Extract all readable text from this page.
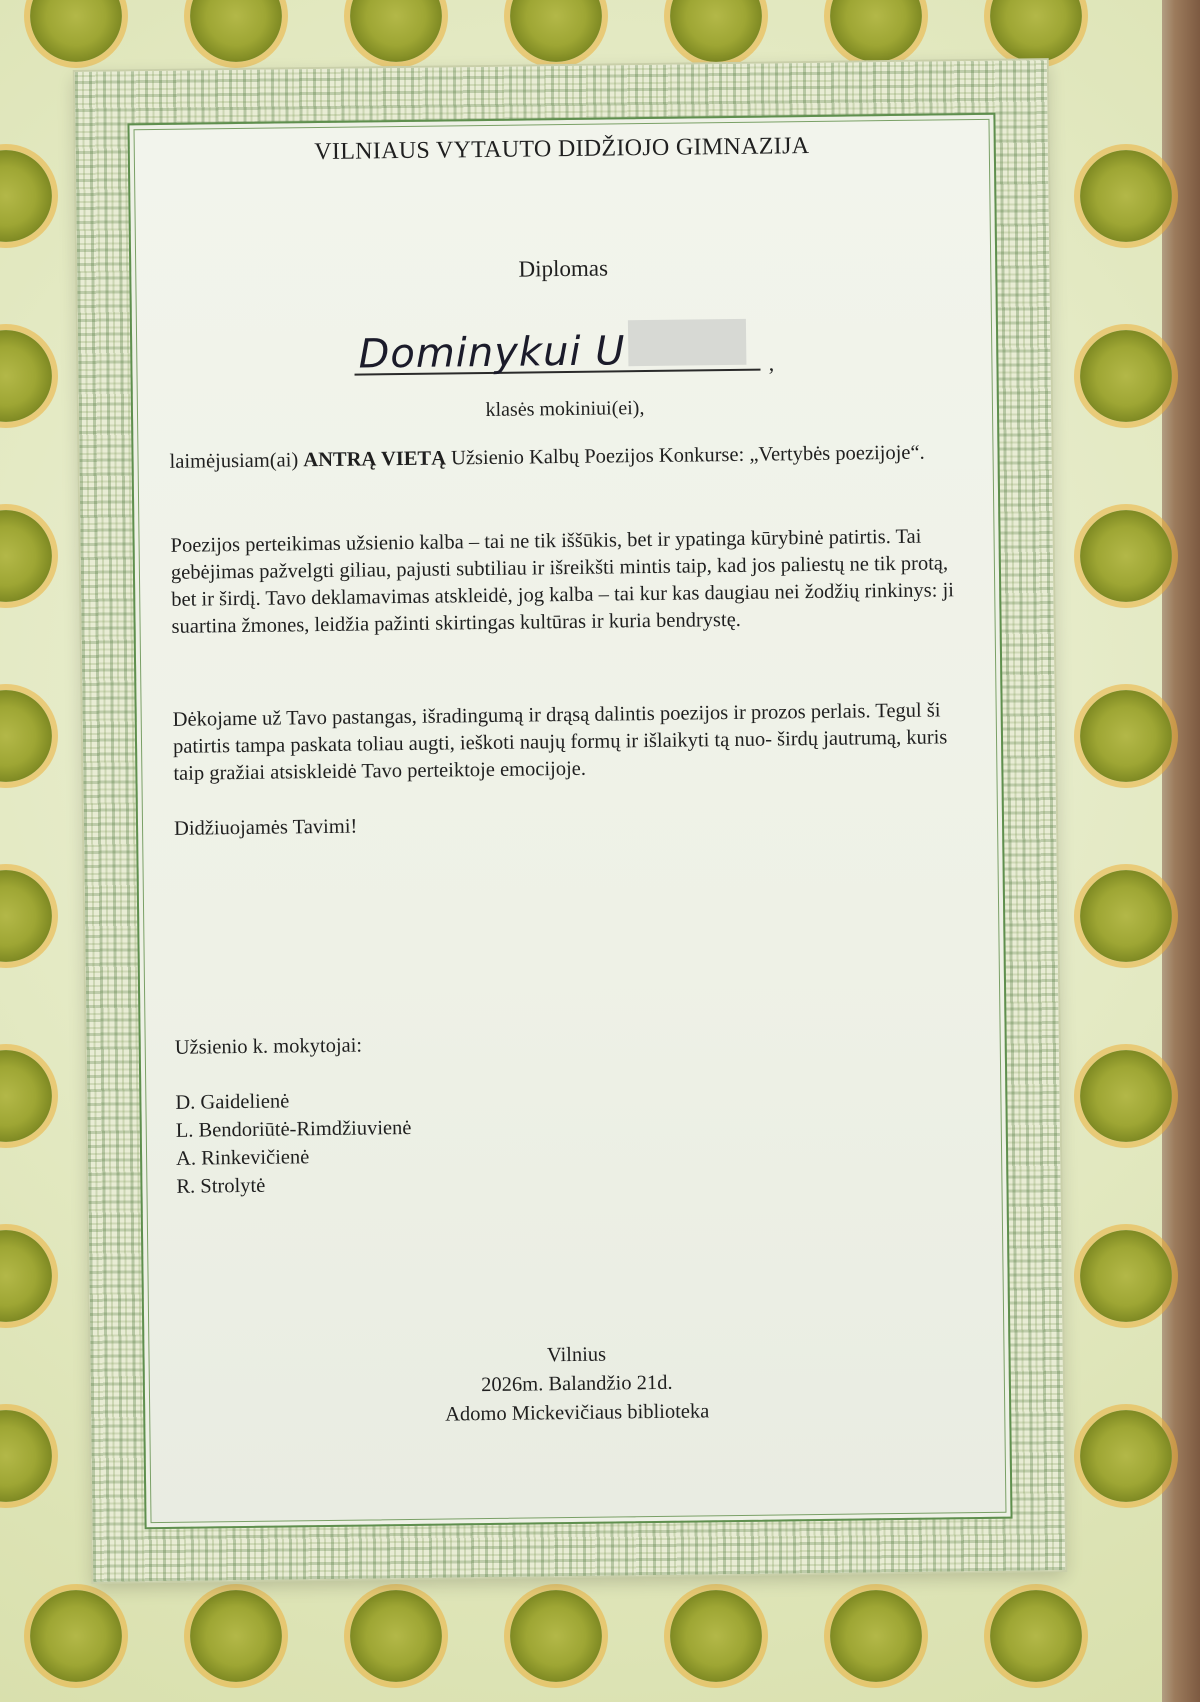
VILNIAUS VYTAUTO DIDŽIOJO GIMNAZIJA
Diplomas
Dominykui U	,
klasės mokiniui(ei),

laimėjusiam(ai) ANTRĄ VIETĄ Užsienio Kalbų Poezijos Konkurse: „Vertybės poezijoje“.

Poezijos perteikimas užsienio kalba – tai ne tik iššūkis, bet ir ypatinga kūrybinė patirtis. Tai gebėjimas pažvelgti giliau, pajusti subtiliau ir išreikšti mintis taip, kad jos paliestų ne tik protą, bet ir širdį. Tavo deklamavimas atskleidė, jog kalba – tai kur kas daugiau nei žodžių rinkinys: ji suartina žmones, leidžia pažinti skirtingas kultūras ir kuria bendrystę.

Dėkojame už Tavo pastangas, išradingumą ir drąsą dalintis poezijos ir prozos perlais. Tegul ši patirtis tampa paskata toliau augti, ieškoti naujų formų ir išlaikyti tą nuo- širdų jautrumą, kuris taip gražiai atsiskleidė Tavo perteiktoje emocijoje.

Didžiuojamės Tavimi!

Užsienio k. mokytojai:
D. Gaidelienė
L. Bendoriūtė-Rimdžiuvienė
A. Rinkevičienė
R. Strolytė
Vilnius
2026m. Balandžio 21d.
Adomo Mickevičiaus biblioteka
